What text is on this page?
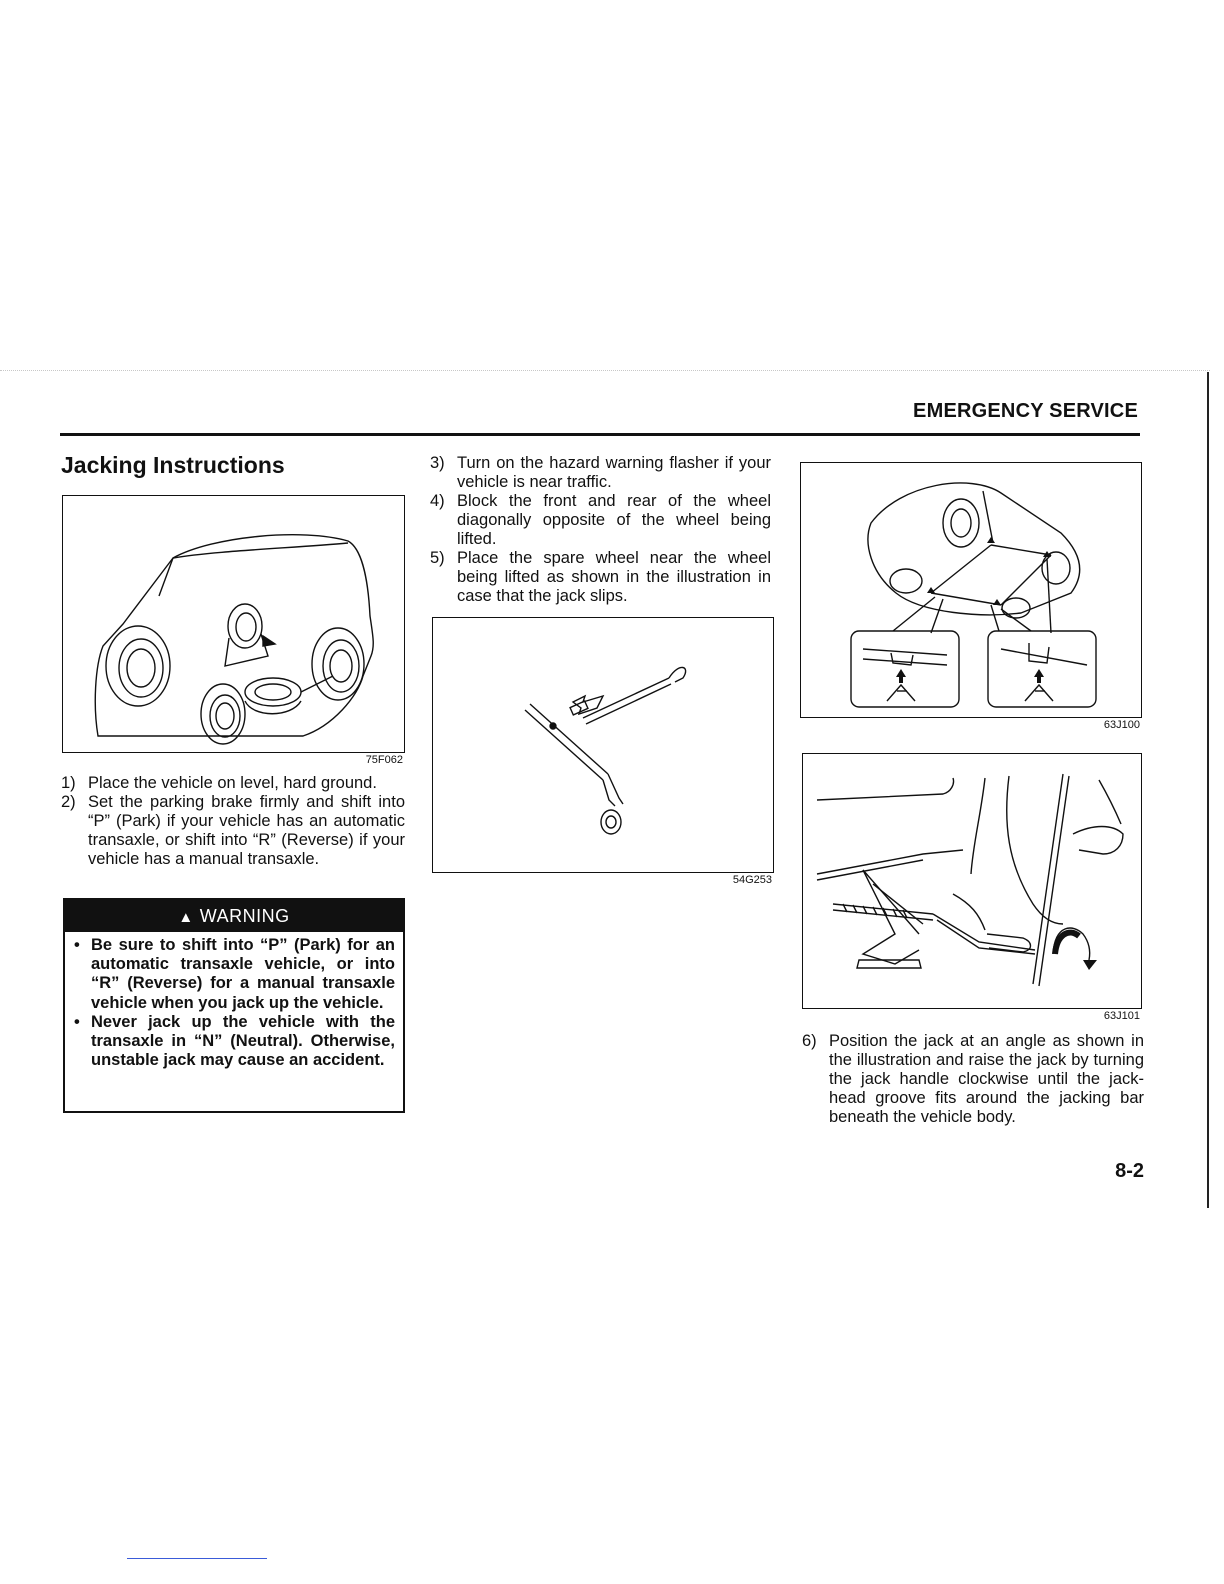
EMERGENCY SERVICE
Jacking Instructions
75F062
1) Place the vehicle on level, hard ground.
2) Set the parking brake firmly and shift into “P” (Park) if your vehicle has an automatic transaxle, or shift into “R” (Reverse) if your vehicle has a manual transaxle.
▲ WARNING
• Be sure to shift into “P” (Park) for an automatic transaxle vehicle, or into “R” (Reverse) for a manual transaxle vehicle when you jack up the vehicle.
• Never jack up the vehicle with the transaxle in “N” (Neutral). Otherwise, unstable jack may cause an accident.
3) Turn on the hazard warning flasher if your vehicle is near traffic.
4) Block the front and rear of the wheel diagonally opposite of the wheel being lifted.
5) Place the spare wheel near the wheel being lifted as shown in the illustration in case that the jack slips.
54G253
63J100
63J101
6) Position the jack at an angle as shown in the illustration and raise the jack by turning the jack handle clockwise until the jack-head groove fits around the jacking bar beneath the vehicle body.

8-2
